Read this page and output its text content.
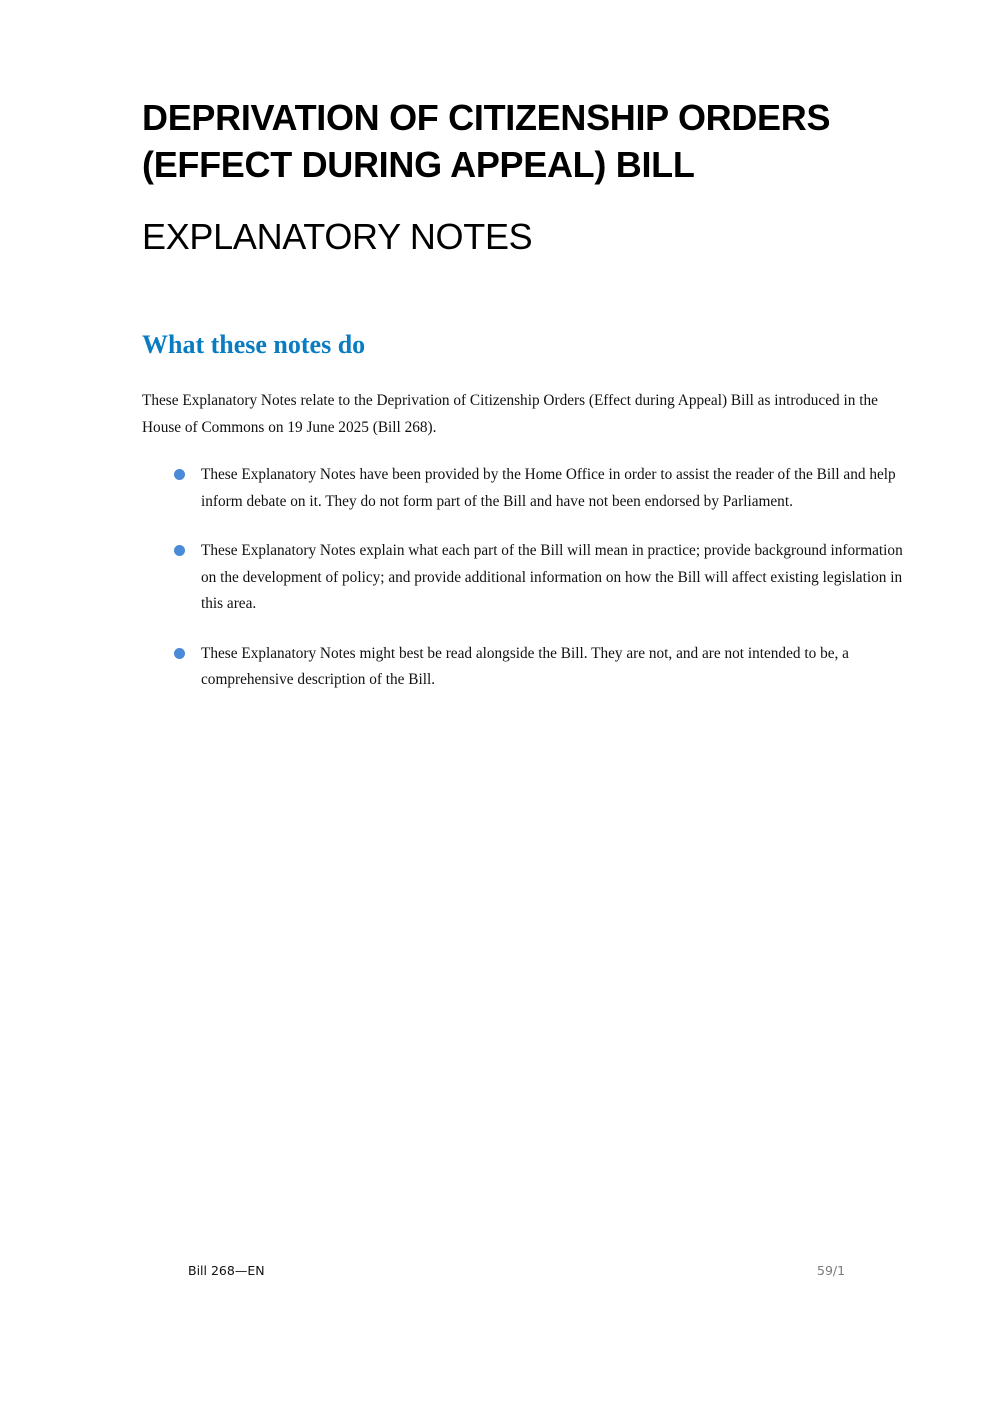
DEPRIVATION OF CITIZENSHIP ORDERS
(EFFECT DURING APPEAL) BILL
EXPLANATORY NOTES
What these notes do

These Explanatory Notes relate to the Deprivation of Citizenship Orders (Effect during Appeal) Bill as introduced in the House of Commons on 19 June 2025 (Bill 268).

These Explanatory Notes have been provided by the Home Office in order to assist the reader of the Bill and help inform debate on it. They do not form part of the Bill and have not been endorsed by Parliament.
These Explanatory Notes explain what each part of the Bill will mean in practice; provide background information on the development of policy; and provide additional information on how the Bill will affect existing legislation in this area.
These Explanatory Notes might best be read alongside the Bill. They are not, and are not intended to be, a comprehensive description of the Bill.
Bill 268—EN	59/1
